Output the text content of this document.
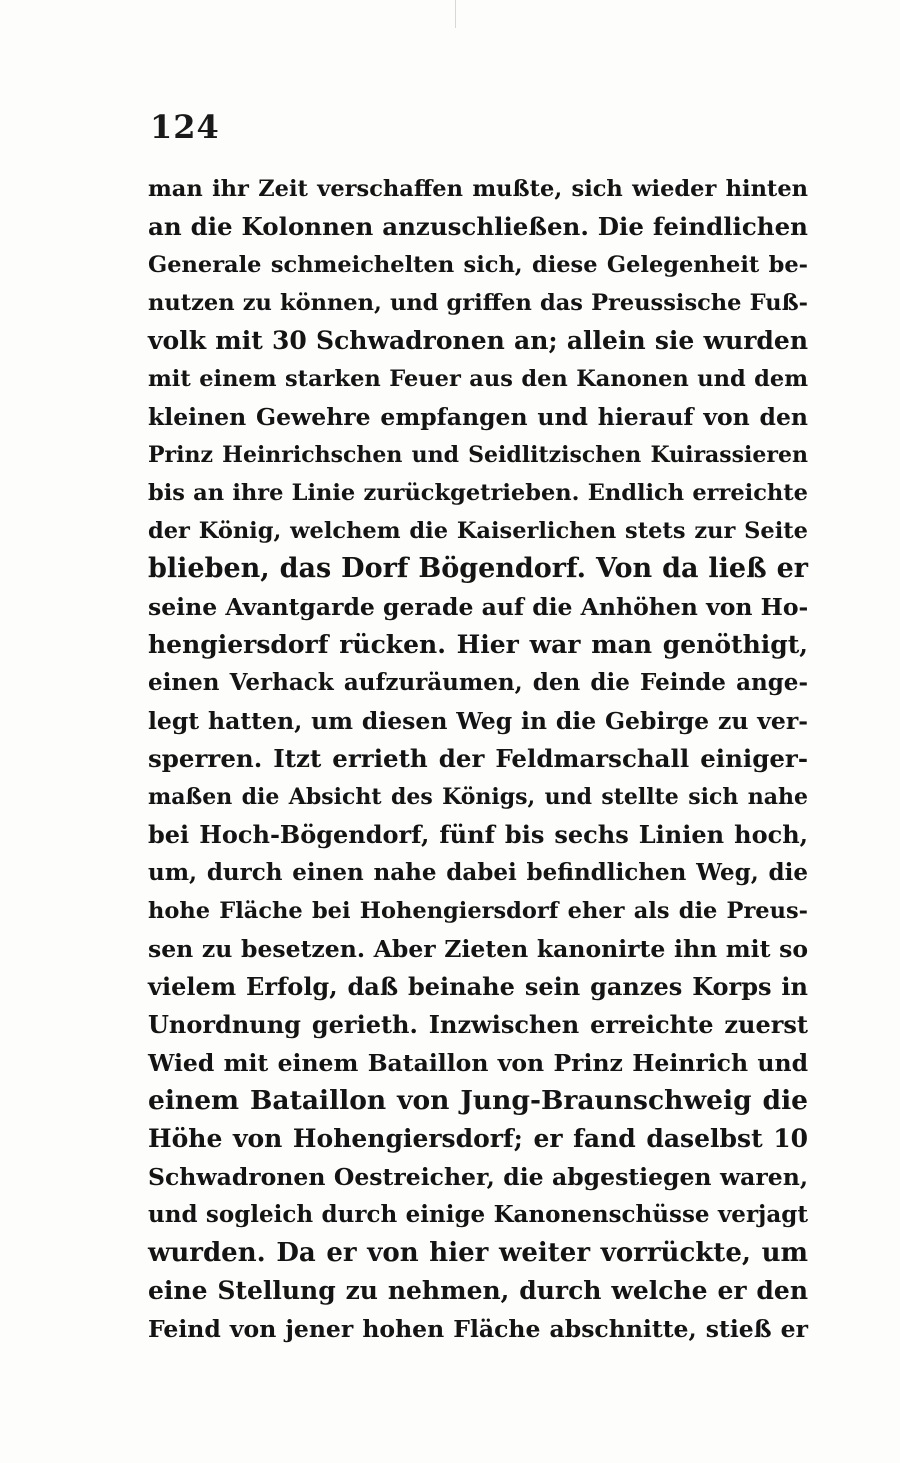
124
man ihr Zeit verschaffen mußte, sich wieder hinten
an die Kolonnen anzuschließen. Die feindlichen
Generale schmeichelten sich, diese Gelegenheit be-
nutzen zu können, und griffen das Preussische Fuß-
volk mit 30 Schwadronen an; allein sie wurden
mit einem starken Feuer aus den Kanonen und dem
kleinen Gewehre empfangen und hierauf von den
Prinz Heinrichschen und Seidlitzischen Kuirassieren
bis an ihre Linie zurückgetrieben. Endlich erreichte
der König, welchem die Kaiserlichen stets zur Seite
blieben, das Dorf Bögendorf. Von da ließ er
seine Avantgarde gerade auf die Anhöhen von Ho-
hengiersdorf rücken. Hier war man genöthigt,
einen Verhack aufzuräumen, den die Feinde ange-
legt hatten, um diesen Weg in die Gebirge zu ver-
sperren. Itzt errieth der Feldmarschall einiger-
maßen die Absicht des Königs, und stellte sich nahe
bei Hoch-Bögendorf, fünf bis sechs Linien hoch,
um, durch einen nahe dabei befindlichen Weg, die
hohe Fläche bei Hohengiersdorf eher als die Preus-
sen zu besetzen. Aber Zieten kanonirte ihn mit so
vielem Erfolg, daß beinahe sein ganzes Korps in
Unordnung gerieth. Inzwischen erreichte zuerst
Wied mit einem Bataillon von Prinz Heinrich und
einem Bataillon von Jung-Braunschweig die
Höhe von Hohengiersdorf; er fand daselbst 10
Schwadronen Oestreicher, die abgestiegen waren,
und sogleich durch einige Kanonenschüsse verjagt
wurden. Da er von hier weiter vorrückte, um
eine Stellung zu nehmen, durch welche er den
Feind von jener hohen Fläche abschnitte, stieß er
